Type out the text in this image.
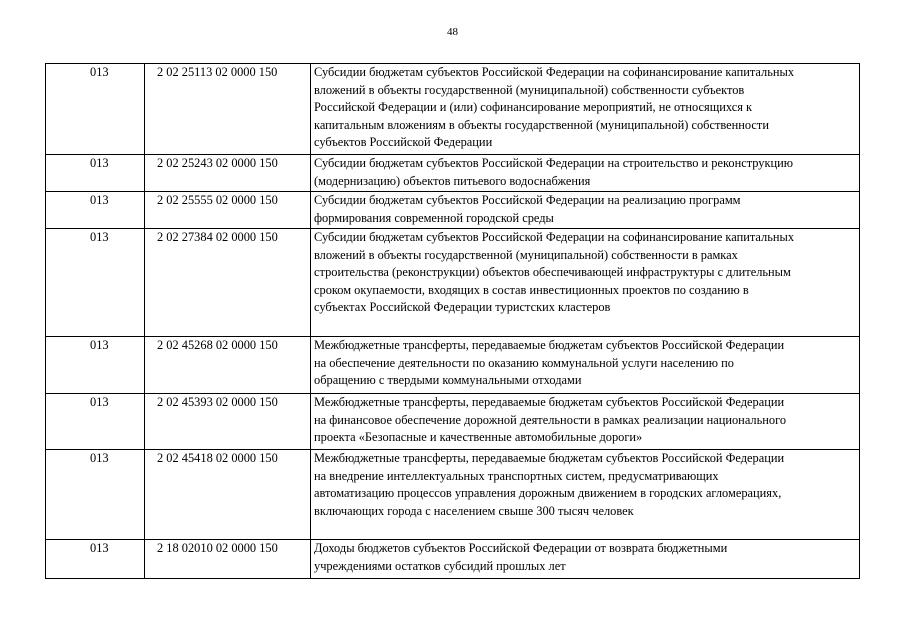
48
013	2 02 25113 02 0000 150	Субсидии бюджетам субъектов Российской Федерации на софинансирование капитальных
вложений в объекты государственной (муниципальной) собственности субъектов
Российской Федерации и (или) софинансирование мероприятий, не относящихся к
капитальным вложениям в объекты государственной (муниципальной) собственности
субъектов Российской Федерации

013	2 02 25243 02 0000 150	Субсидии бюджетам субъектов Российской Федерации на строительство и реконструкцию
(модернизацию) объектов питьевого водоснабжения

013	2 02 25555 02 0000 150	Субсидии бюджетам субъектов Российской Федерации на реализацию программ
формирования современной городской среды

013	2 02 27384 02 0000 150	Субсидии бюджетам субъектов Российской Федерации на софинансирование капитальных
вложений в объекты государственной (муниципальной) собственности в рамках
строительства (реконструкции) объектов обеспечивающей инфраструктуры с длительным
сроком окупаемости, входящих в состав инвестиционных проектов по созданию в
субъектах Российской Федерации туристских кластеров

013	2 02 45268 02 0000 150	Межбюджетные трансферты, передаваемые бюджетам субъектов Российской Федерации
на обеспечение деятельности по оказанию коммунальной услуги населению по
обращению с твердыми коммунальными отходами

013	2 02 45393 02 0000 150	Межбюджетные трансферты, передаваемые бюджетам субъектов Российской Федерации
на финансовое обеспечение дорожной деятельности в рамках реализации национального
проекта «Безопасные и качественные автомобильные дороги»

013	2 02 45418 02 0000 150	Межбюджетные трансферты, передаваемые бюджетам субъектов Российской Федерации
на внедрение интеллектуальных транспортных систем, предусматривающих
автоматизацию процессов управления дорожным движением в городских агломерациях,
включающих города с населением свыше 300 тысяч человек

013	2 18 02010 02 0000 150	Доходы бюджетов субъектов Российской Федерации от возврата бюджетными
учреждениями остатков субсидий прошлых лет
